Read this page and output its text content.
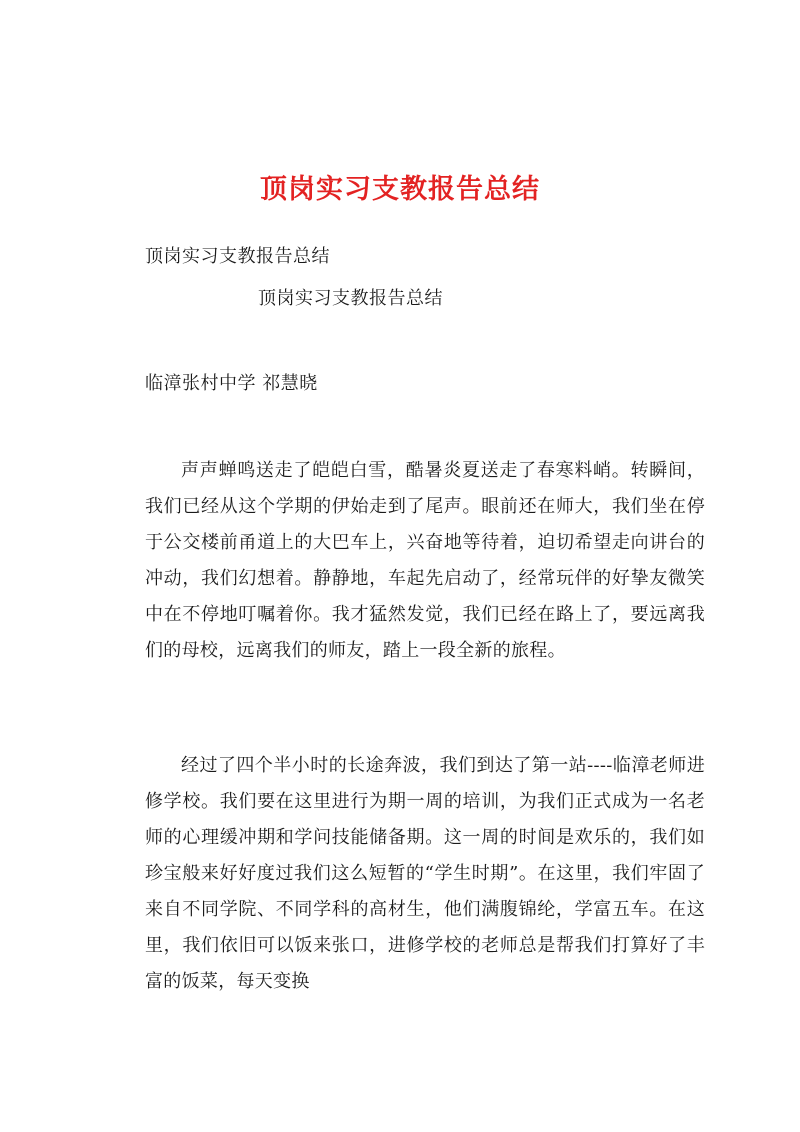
顶岗实习支教报告总结
顶岗实习支教报告总结
顶岗实习支教报告总结
临漳张村中学 祁慧晓
声声蝉鸣送走了皑皑白雪，酷暑炎夏送走了春寒料峭。转瞬间，我们已经从这个学期的伊始走到了尾声。眼前还在师大，我们坐在停于公交楼前甬道上的大巴车上，兴奋地等待着，迫切希望走向讲台的冲动，我们幻想着。静静地，车起先启动了，经常玩伴的好挚友微笑中在不停地叮嘱着你。我才猛然发觉，我们已经在路上了，要远离我们的母校，远离我们的师友，踏上一段全新的旅程。
经过了四个半小时的长途奔波，我们到达了第一站----临漳老师进修学校。我们要在这里进行为期一周的培训，为我们正式成为一名老师的心理缓冲期和学问技能储备期。这一周的时间是欢乐的，我们如珍宝般来好好度过我们这么短暂的“学生时期”。在这里，我们牢固了来自不同学院、不同学科的高材生，他们满腹锦纶，学富五车。在这里，我们依旧可以饭来张口，进修学校的老师总是帮我们打算好了丰富的饭菜，每天变换
